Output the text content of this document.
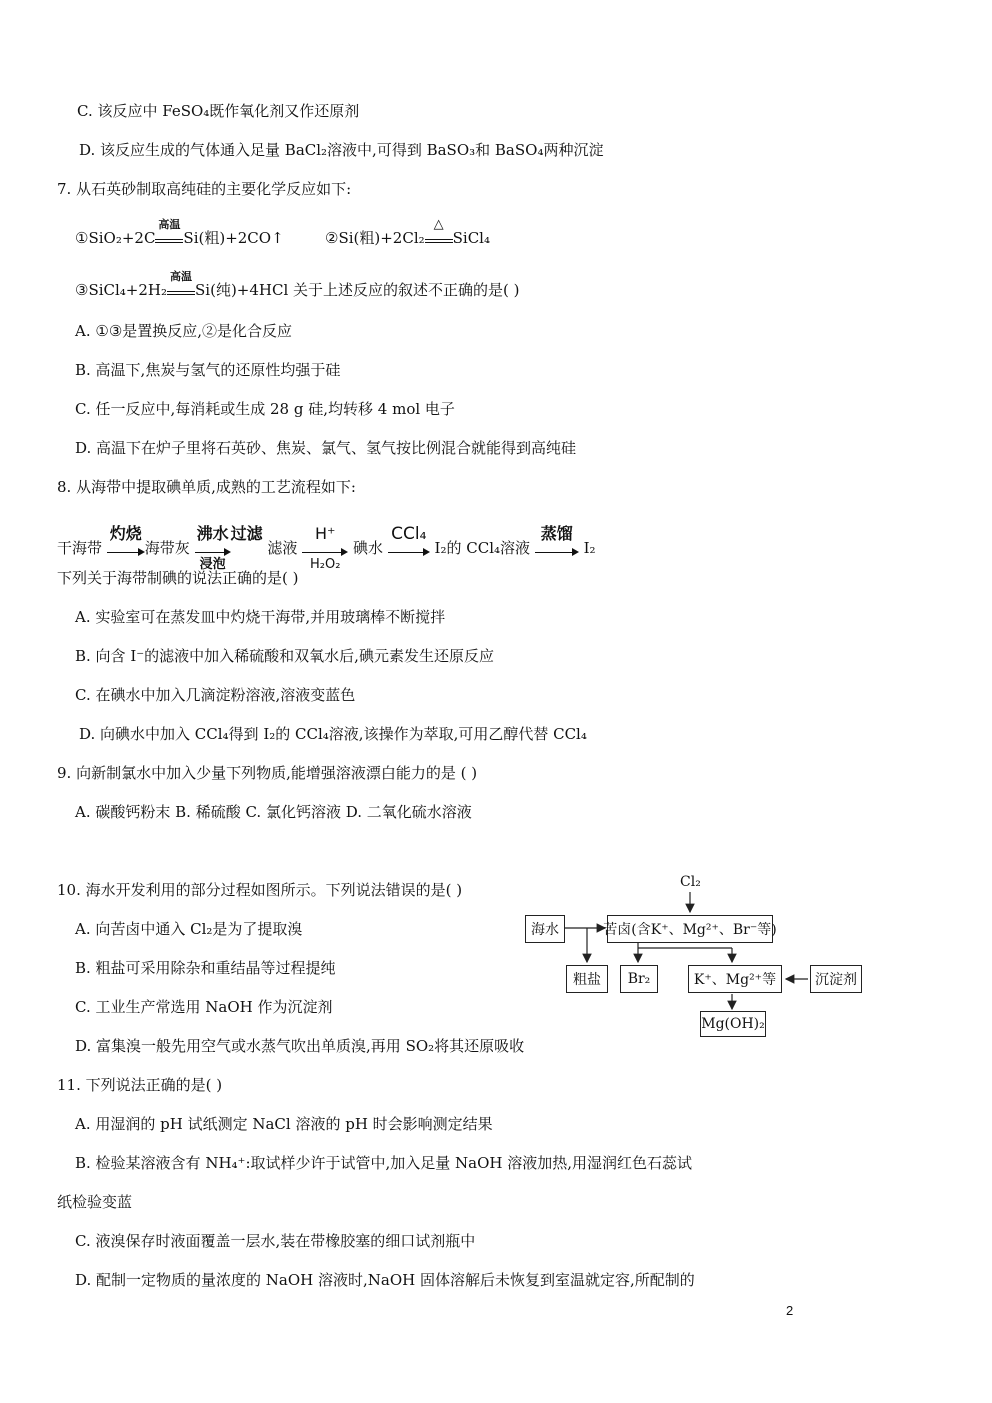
C. 该反应中 FeSO₄既作氧化剂又作还原剂
D. 该反应生成的气体通入足量 BaCl₂溶液中,可得到 BaSO₃和 BaSO₄两种沉淀
7. 从石英砂制取高纯硅的主要化学反应如下:
①SiO₂+2C
高温
Si(粗)+2CO↑	②Si(粗)+2Cl₂
△
SiCl₄
③SiCl₄+2H₂
高温
Si(纯)+4HCl 关于上述反应的叙述不正确的是( )
A. ①③是置换反应,②是化合反应
B. 高温下,焦炭与氢气的还原性均强于硅
C. 任一反应中,每消耗或生成 28 g 硅,均转移 4 mol 电子
D. 高温下在炉子里将石英砂、焦炭、氯气、氢气按比例混合就能得到高纯硅
8. 从海带中提取碘单质,成熟的工艺流程如下:
干海带
灼烧
海带灰
沸水
浸泡
过滤 滤液
H⁺
H₂O₂
碘水
CCl₄
I₂的 CCl₄溶液
蒸馏
I₂
下列关于海带制碘的说法正确的是( )
A. 实验室可在蒸发皿中灼烧干海带,并用玻璃棒不断搅拌
B. 向含 I⁻的滤液中加入稀硫酸和双氧水后,碘元素发生还原反应
C. 在碘水中加入几滴淀粉溶液,溶液变蓝色
D. 向碘水中加入 CCl₄得到 I₂的 CCl₄溶液,该操作为萃取,可用乙醇代替 CCl₄
9. 向新制氯水中加入少量下列物质,能增强溶液漂白能力的是 ( )
A. 碳酸钙粉末 B. 稀硫酸 C. 氯化钙溶液 D. 二氧化硫水溶液
10. 海水开发利用的部分过程如图所示。下列说法错误的是( )
A. 向苦卤中通入 Cl₂是为了提取溴
B. 粗盐可采用除杂和重结晶等过程提纯
C. 工业生产常选用 NaOH 作为沉淀剂
D. 富集溴一般先用空气或水蒸气吹出单质溴,再用 SO₂将其还原吸收
Cl₂
海水	苦卤(含K⁺、Mg²⁺、Br⁻等)
粗盐	Br₂	K⁺、Mg²⁺等	沉淀剂
Mg(OH)₂
11. 下列说法正确的是( )
A. 用湿润的 pH 试纸测定 NaCl 溶液的 pH 时会影响测定结果
B. 检验某溶液含有 NH₄⁺:取试样少许于试管中,加入足量 NaOH 溶液加热,用湿润红色石蕊试
纸检验变蓝
C. 液溴保存时液面覆盖一层水,装在带橡胶塞的细口试剂瓶中
D. 配制一定物质的量浓度的 NaOH 溶液时,NaOH 固体溶解后未恢复到室温就定容,所配制的
2
